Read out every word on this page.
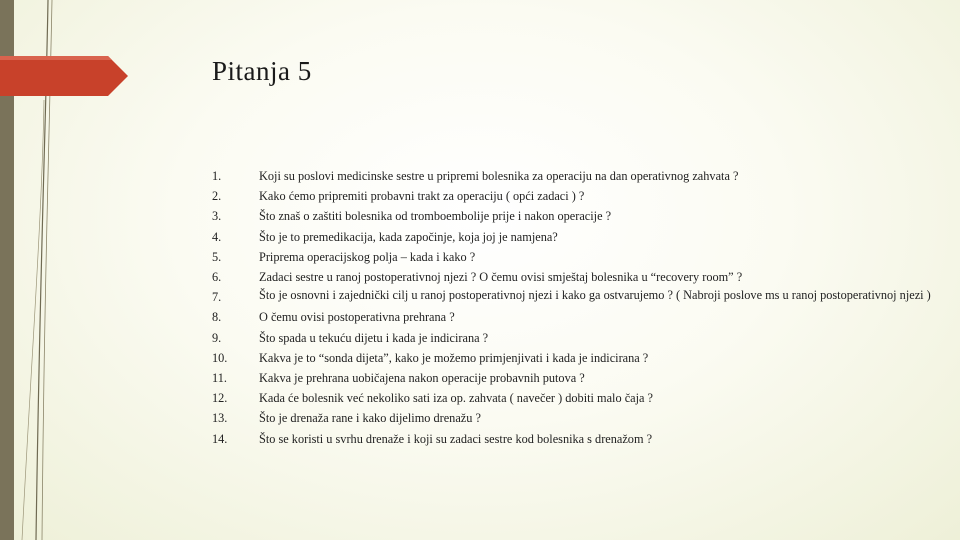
Pitanja 5
1.	Koji su poslovi medicinske sestre u pripremi bolesnika za operaciju na dan operativnog zahvata ?
2.	Kako ćemo pripremiti probavni trakt za operaciju ( opći zadaci ) ?
3.	Što znaš o zaštiti bolesnika od tromboembolije prije i nakon operacije ?
4.	Što je to premedikacija, kada započinje, koja joj je namjena?
5.	Priprema operacijskog polja – kada i kako ?
6.	Zadaci sestre u ranoj postoperativnoj njezi ? O čemu ovisi smještaj bolesnika u “recovery room” ?
7.	Što je osnovni i zajednički cilj u ranoj postoperativnoj njezi i kako ga ostvarujemo ? ( Nabroji poslove ms u ranoj postoperativnoj njezi )
8.	O čemu ovisi postoperativna prehrana ?
9.	Što spada u tekuću dijetu i kada je indicirana ?
10.	Kakva je to “sonda dijeta”, kako je možemo primjenjivati i kada je indicirana ?
11.	Kakva je prehrana uobičajena nakon operacije probavnih putova ?
12.	Kada će bolesnik već nekoliko sati iza op. zahvata ( navečer ) dobiti malo čaja ?
13.	Što je drenaža rane i kako dijelimo drenažu ?
14.	Što se koristi u svrhu drenaže i koji su zadaci sestre kod bolesnika s drenažom ?
